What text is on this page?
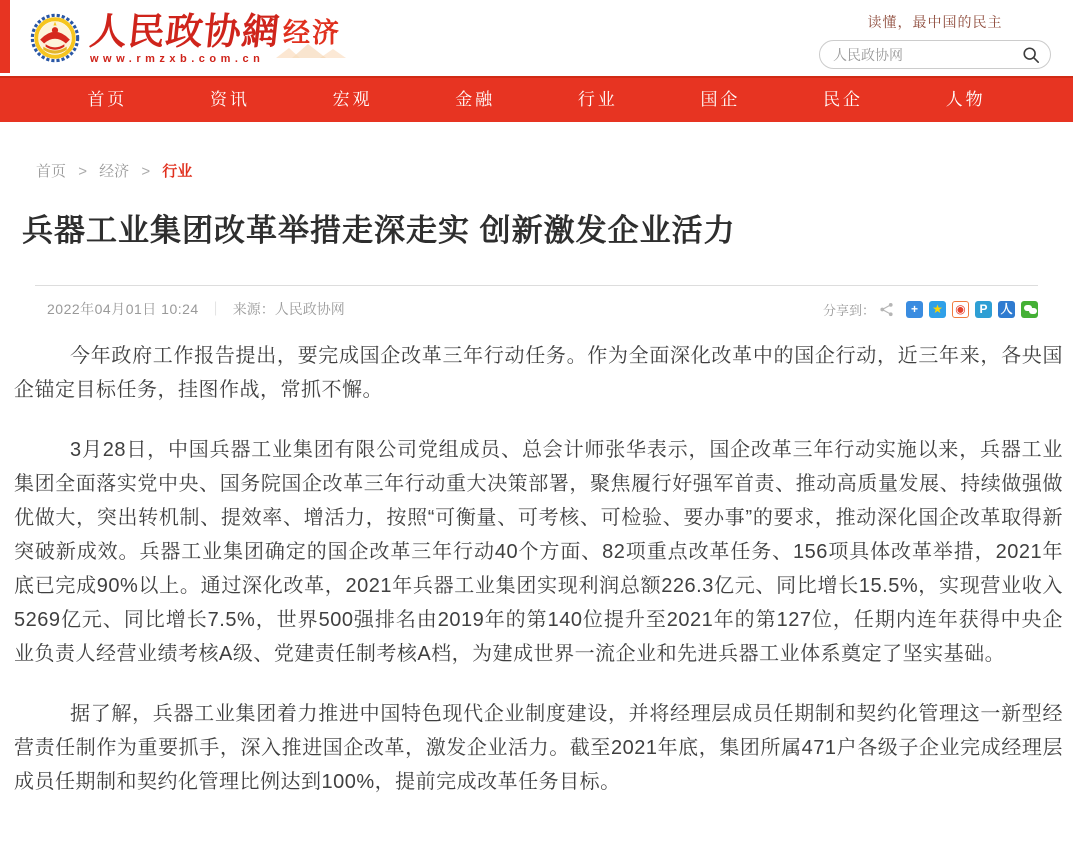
人民政协網
www.rmzxb.com.cn
经济	读懂，最中国的民主
人民政协网
首页	资讯	宏观	金融	行业	国企	民企	人物
首页 > 经济 > 行业
兵器工业集团改革举措走深走实 创新激发企业活力
2022年04月01日 10:24 ｜ 来源：人民政协网	分享到：	+	★ ◉	P	人

今年政府工作报告提出，要完成国企改革三年行动任务。作为全面深化改革中的国企行动，近三年来，各央国企锚定目标任务，挂图作战，常抓不懈。

3月28日，中国兵器工业集团有限公司党组成员、总会计师张华表示，国企改革三年行动实施以来，兵器工业集团全面落实党中央、国务院国企改革三年行动重大决策部署，聚焦履行好强军首责、推动高质量发展、持续做强做优做大，突出转机制、提效率、增活力，按照“可衡量、可考核、可检验、要办事”的要求，推动深化国企改革取得新突破新成效。兵器工业集团确定的国企改革三年行动40个方面、82项重点改革任务、156项具体改革举措，2021年底已完成90%以上。通过深化改革，2021年兵器工业集团实现利润总额226.3亿元、同比增长15.5%，实现营业收入5269亿元、同比增长7.5%，世界500强排名由2019年的第140位提升至2021年的第127位，任期内连年获得中央企业负责人经营业绩考核A级、党建责任制考核A档，为建成世界一流企业和先进兵器工业体系奠定了坚实基础。

据了解，兵器工业集团着力推进中国特色现代企业制度建设，并将经理层成员任期制和契约化管理这一新型经营责任制作为重要抓手，深入推进国企改革，激发企业活力。截至2021年底，集团所属471户各级子企业完成经理层成员任期制和契约化管理比例达到100%，提前完成改革任务目标。
